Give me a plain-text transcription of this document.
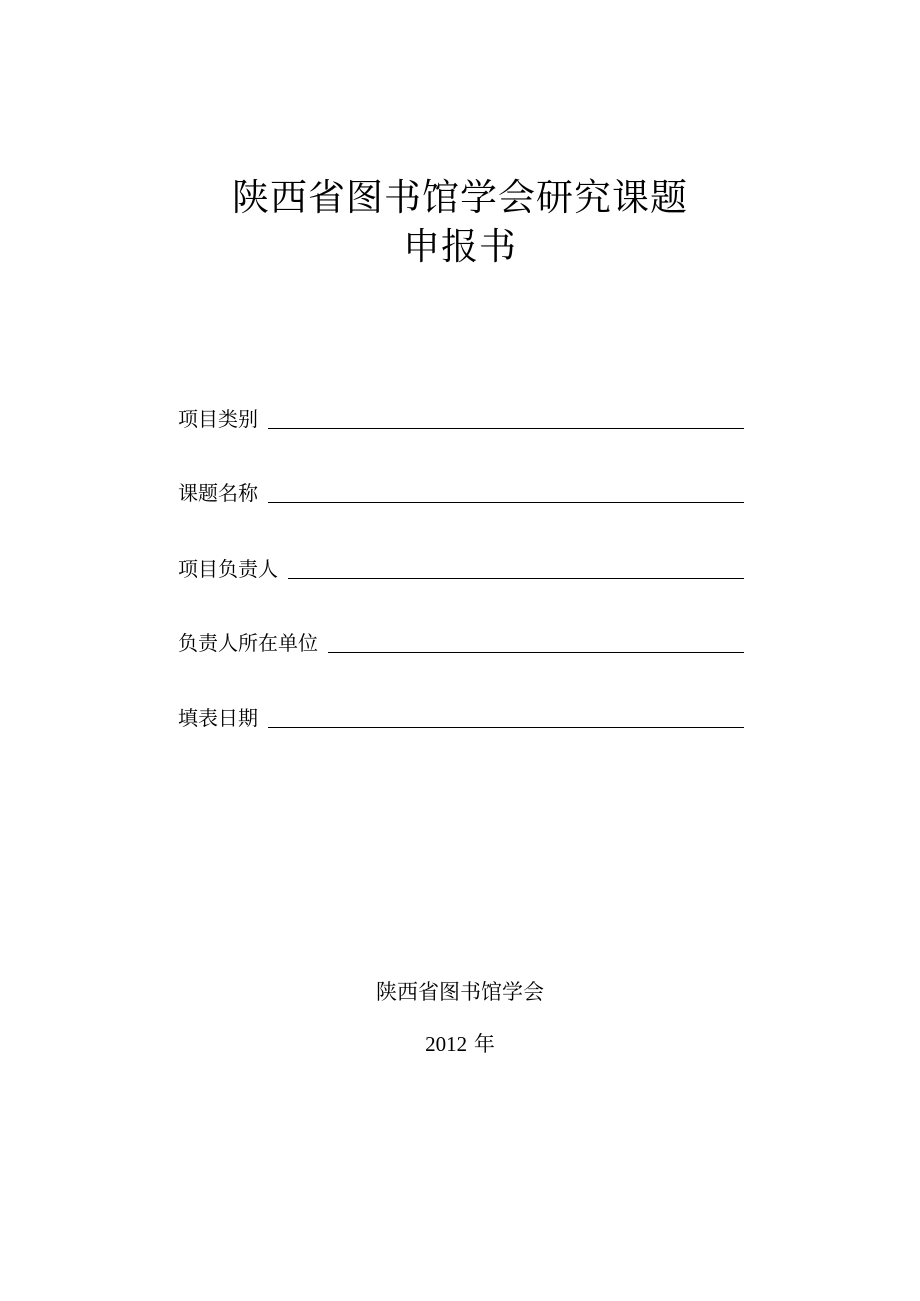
陕西省图书馆学会研究课题
申报书
项目类别
课题名称
项目负责人
负责人所在单位
填表日期
陕西省图书馆学会
2012 年
